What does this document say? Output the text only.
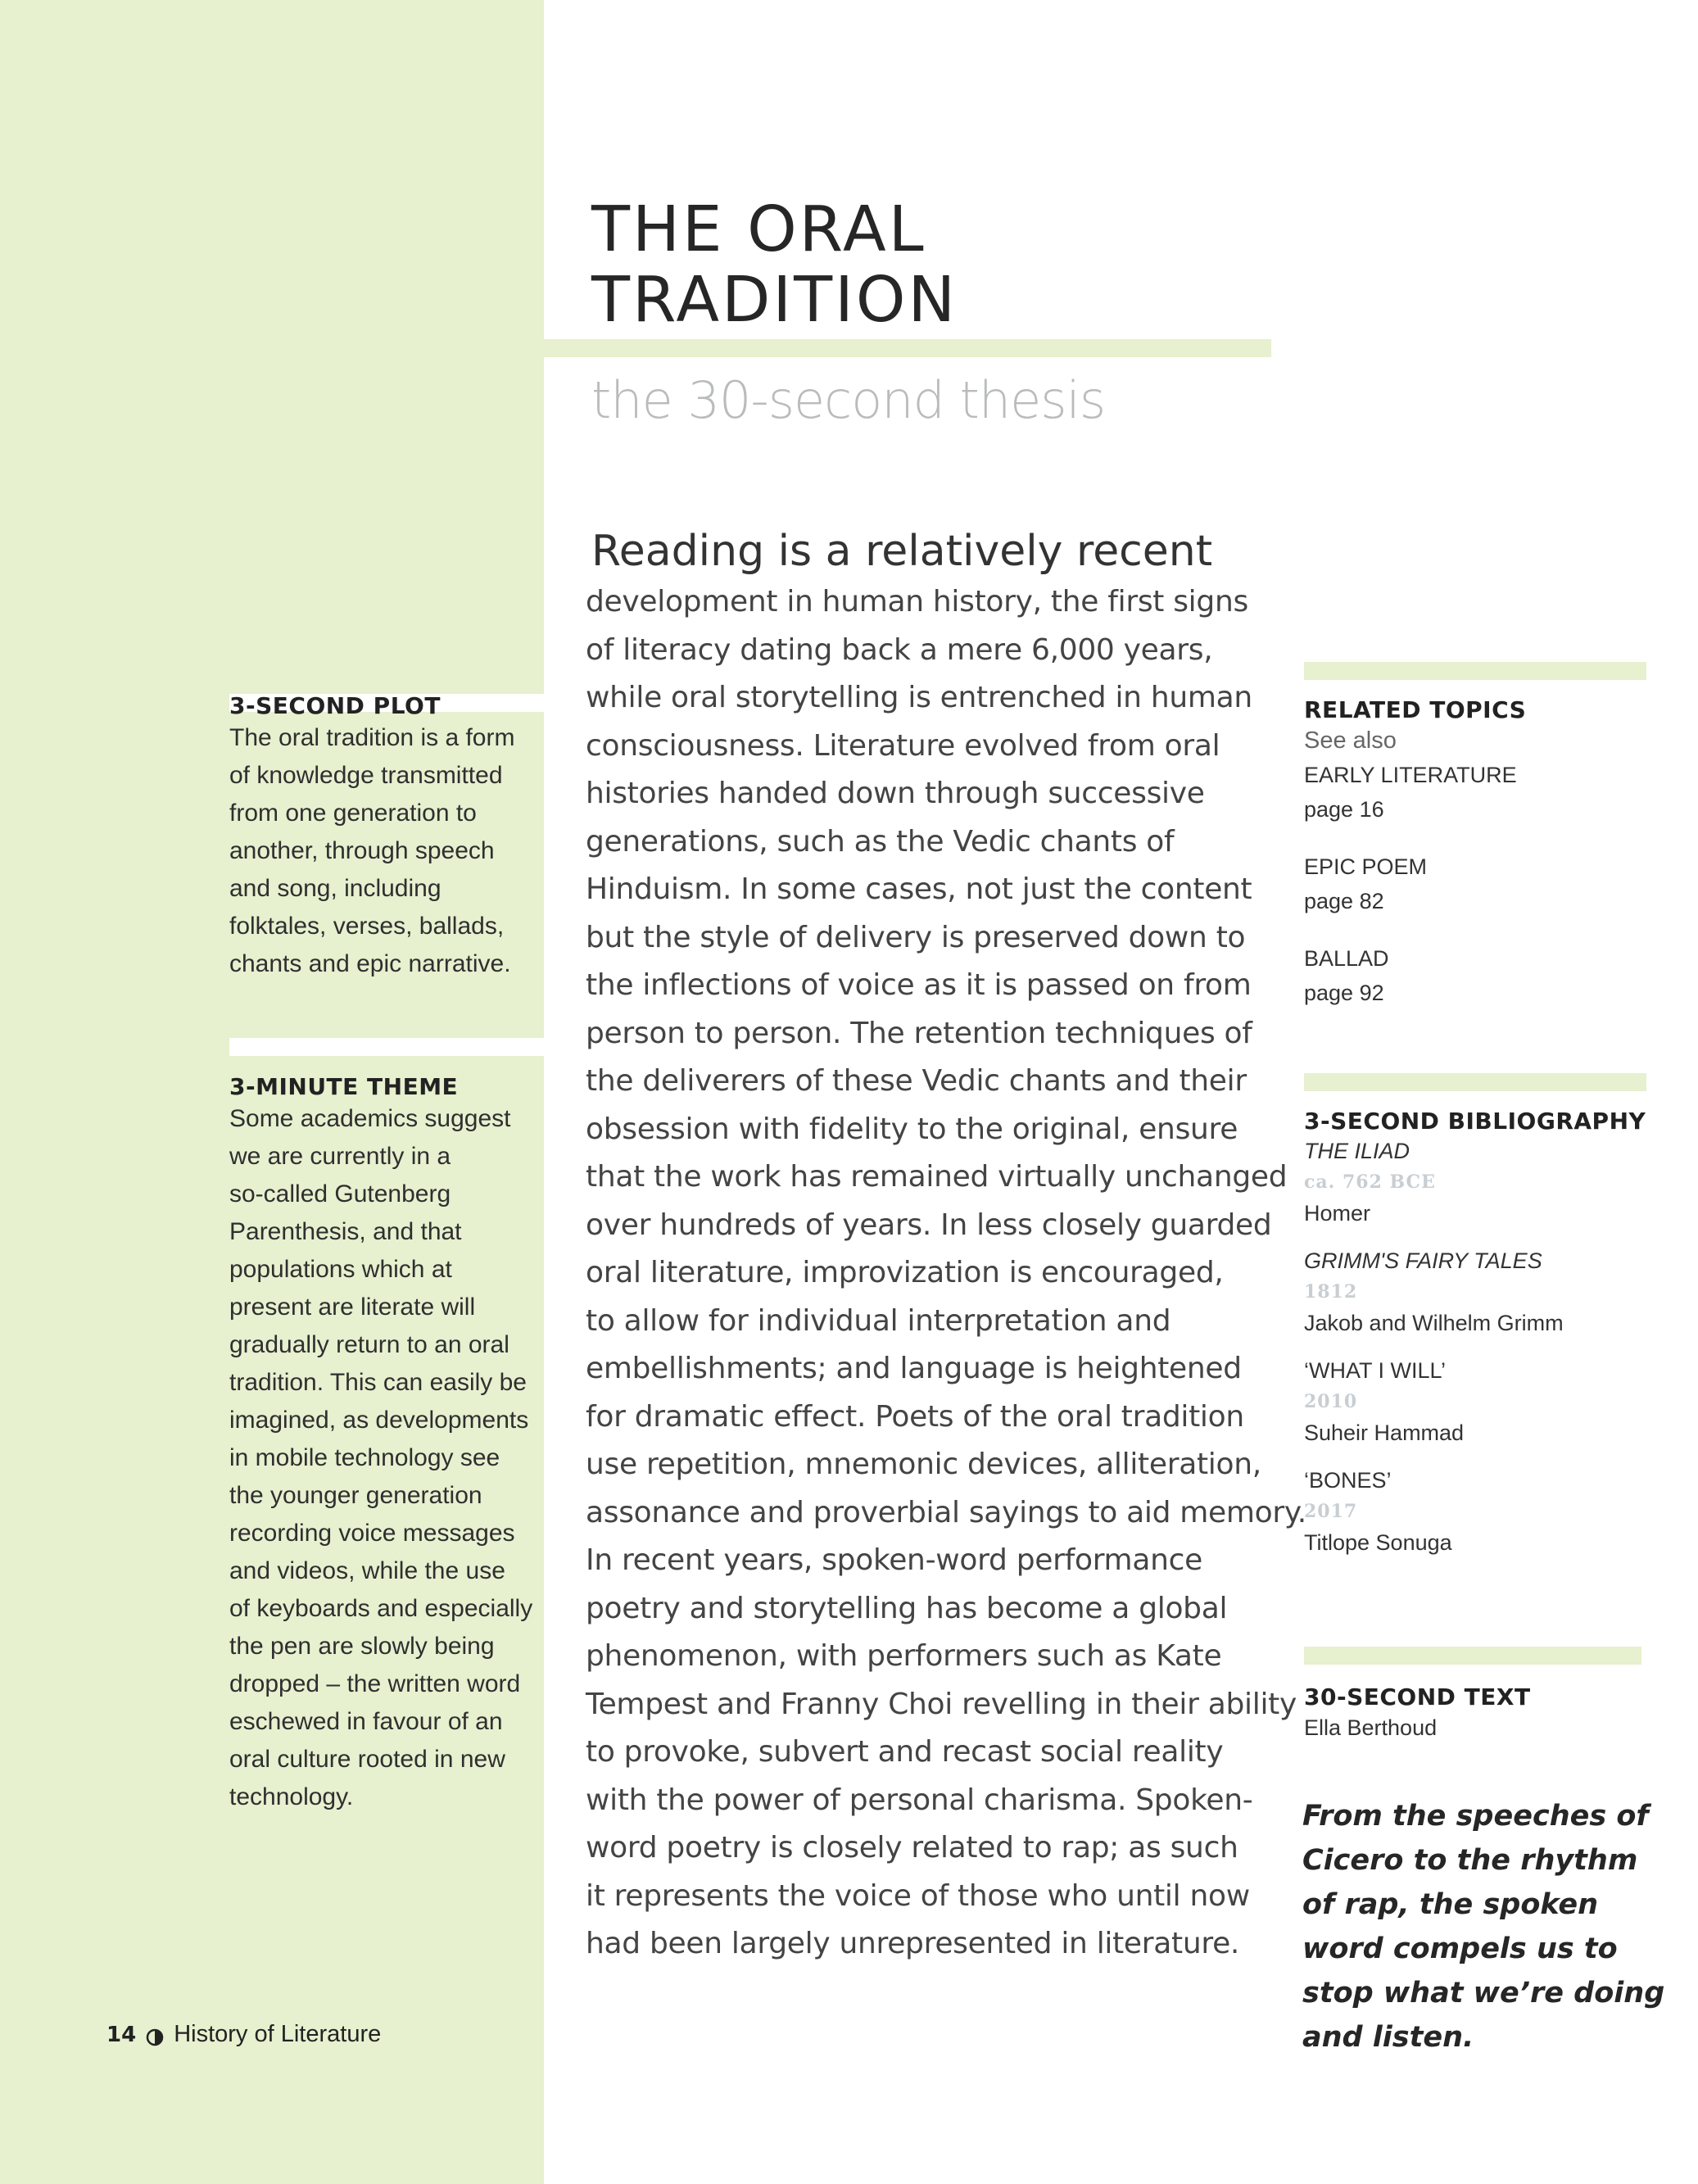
THE ORAL
TRADITION
the 30-second thesis
Reading is a relatively recent
development in human history, the first signs
of literacy dating back a mere 6,000 years,
while oral storytelling is entrenched in human
consciousness. Literature evolved from oral
histories handed down through successive
generations, such as the Vedic chants of
Hinduism. In some cases, not just the content
but the style of delivery is preserved down to
the inflections of voice as it is passed on from
person to person. The retention techniques of
the deliverers of these Vedic chants and their
obsession with fidelity to the original, ensure
that the work has remained virtually unchanged
over hundreds of years. In less closely guarded
oral literature, improvization is encouraged,
to allow for individual interpretation and
embellishments; and language is heightened
for dramatic effect. Poets of the oral tradition
use repetition, mnemonic devices, alliteration,
assonance and proverbial sayings to aid memory.
In recent years, spoken-word performance
poetry and storytelling has become a global
phenomenon, with performers such as Kate
Tempest and Franny Choi revelling in their ability
to provoke, subvert and recast social reality
with the power of personal charisma. Spoken-
word poetry is closely related to rap; as such
it represents the voice of those who until now
had been largely unrepresented in literature.
3-SECOND PLOT
The oral tradition is a form
of knowledge transmitted
from one generation to
another, through speech
and song, including
folktales, verses, ballads,
chants and epic narrative.
3-MINUTE THEME
Some academics suggest
we are currently in a
so-called Gutenberg
Parenthesis, and that
populations which at
present are literate will
gradually return to an oral
tradition. This can easily be
imagined, as developments
in mobile technology see
the younger generation
recording voice messages
and videos, while the use
of keyboards and especially
the pen are slowly being
dropped – the written word
eschewed in favour of an
oral culture rooted in new
technology.
RELATED TOPICS
See also
EARLY LITERATURE
page 16
EPIC POEM
page 82
BALLAD
page 92
3-SECOND BIBLIOGRAPHY
THE ILIAD
ca. 762 BCE
Homer
GRIMM'S FAIRY TALES
1812
Jakob and Wilhelm Grimm
‘WHAT I WILL’
2010
Suheir Hammad
‘BONES’
2017
Titlope Sonuga
30-SECOND TEXT
Ella Berthoud
From the speeches of
Cicero to the rhythm
of rap, the spoken
word compels us to
stop what we’re doing
and listen.
14 History of Literature
